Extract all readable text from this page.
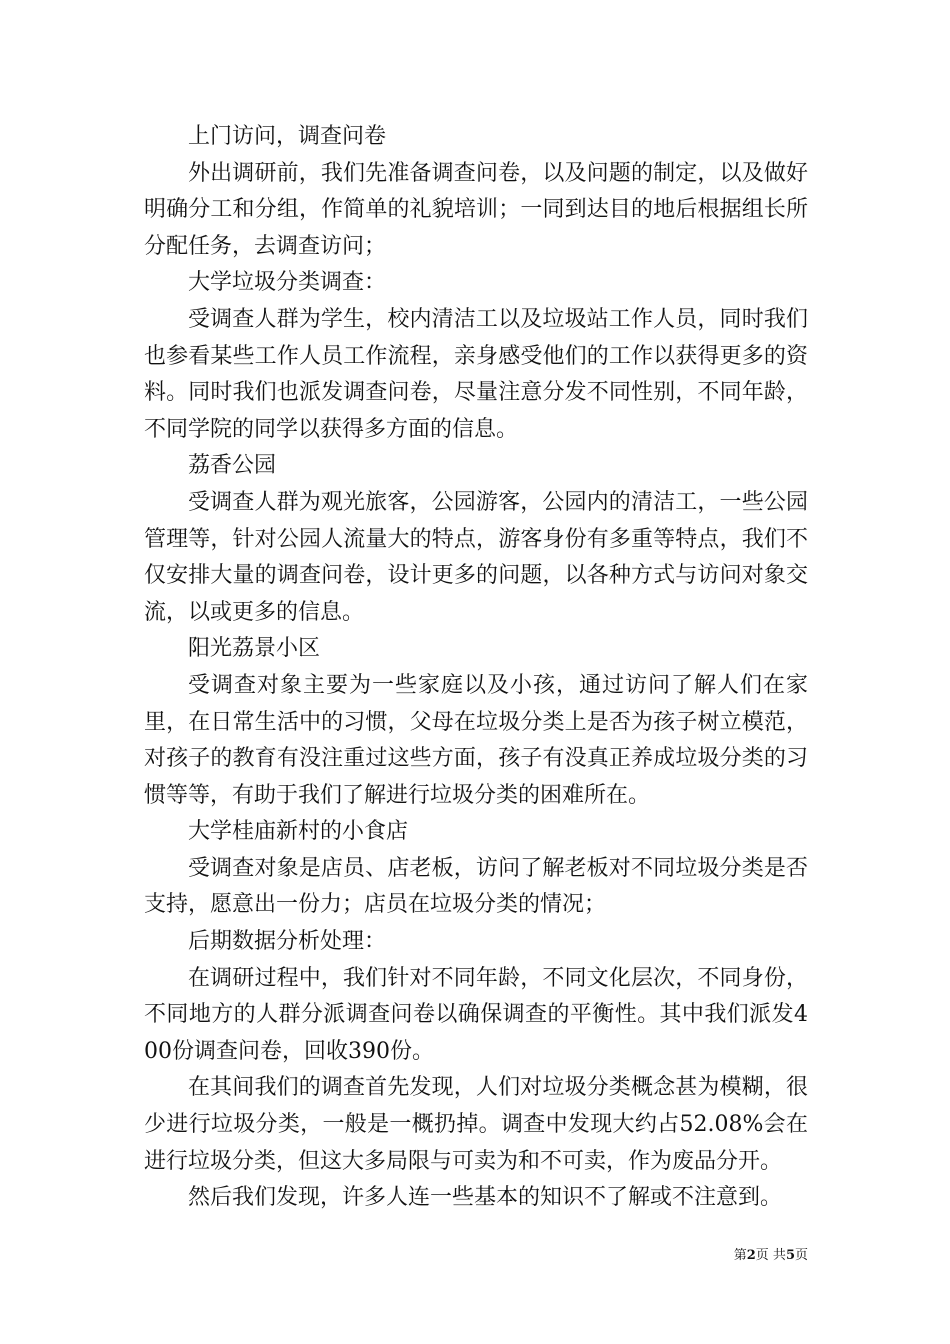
上门访问，调查问卷

外出调研前，我们先准备调查问卷，以及问题的制定，以及做好明确分工和分组，作简单的礼貌培训；一同到达目的地后根据组长所分配任务，去调查访问；

大学垃圾分类调查：

受调查人群为学生，校内清洁工以及垃圾站工作人员，同时我们也参看某些工作人员工作流程，亲身感受他们的工作以获得更多的资料。同时我们也派发调查问卷，尽量注意分发不同性别，不同年龄，不同学院的同学以获得多方面的信息。

荔香公园

受调查人群为观光旅客，公园游客，公园内的清洁工，一些公园管理等，针对公园人流量大的特点，游客身份有多重等特点，我们不仅安排大量的调查问卷，设计更多的问题，以各种方式与访问对象交流，以或更多的信息。

阳光荔景小区

受调查对象主要为一些家庭以及小孩，通过访问了解人们在家里，在日常生活中的习惯，父母在垃圾分类上是否为孩子树立模范，对孩子的教育有没注重过这些方面，孩子有没真正养成垃圾分类的习惯等等，有助于我们了解进行垃圾分类的困难所在。

大学桂庙新村的小食店

受调查对象是店员、店老板，访问了解老板对不同垃圾分类是否支持，愿意出一份力；店员在垃圾分类的情况；

后期数据分析处理：

在调研过程中，我们针对不同年龄，不同文化层次，不同身份，不同地方的人群分派调查问卷以确保调查的平衡性。其中我们派发400份调查问卷，回收390份。

在其间我们的调查首先发现，人们对垃圾分类概念甚为模糊，很少进行垃圾分类，一般是一概扔掉。调查中发现大约占52.08%会在进行垃圾分类，但这大多局限与可卖为和不可卖，作为废品分开。

然后我们发现，许多人连一些基本的知识不了解或不注意到。

第2页 共5页
